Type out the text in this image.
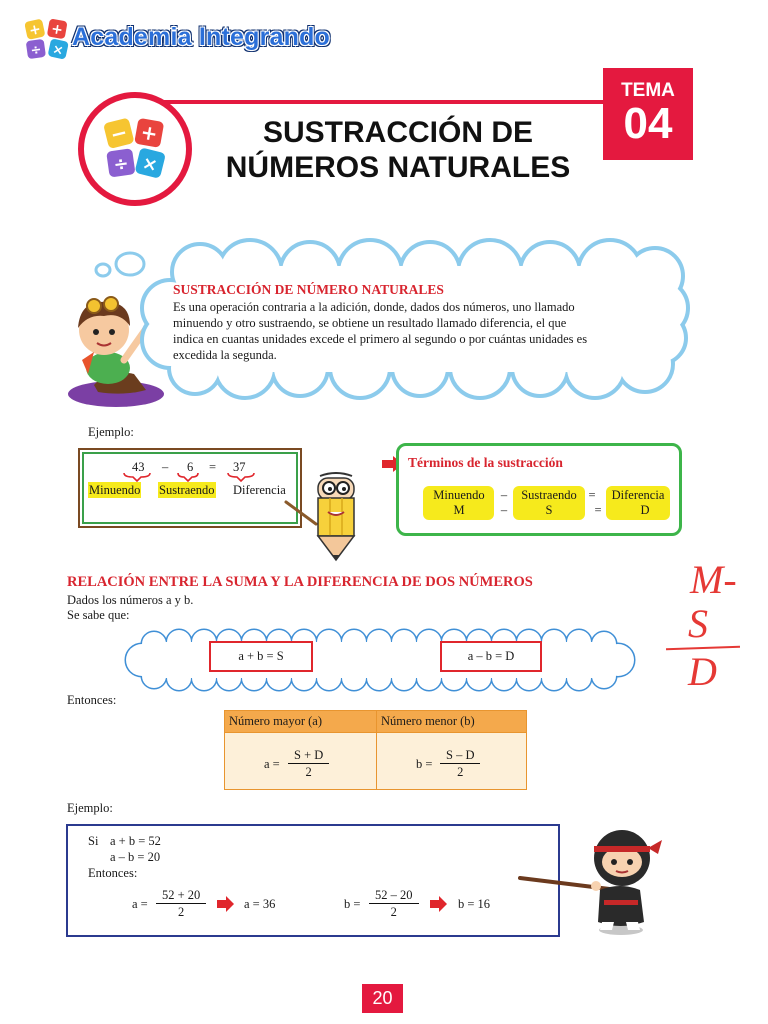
+ +
÷ × Academia Integrando
− +
÷ ×
SUSTRACCIÓN DE
NÚMEROS NATURALES
TEMA
04
SUSTRACCIÓN DE NÚMERO NATURALES
Es una operación contraria a la adición, donde, dados dos números, uno llamado
minuendo y otro sustraendo, se obtiene un resultado llamado diferencia, el que
indica en cuantas unidades excede el primero al segundo o por cuántas unidades es
excedida la segunda.
Ejemplo:
43 – 6 = 37
Minuendo Sustraendo Diferencia
Términos de la sustracción
Minuendo	–	Sustraendo =	Diferencia
M	–	S	=	D
RELACIÓN ENTRE LA SUMA Y LA DIFERENCIA DE DOS NÚMEROS
Dados los números a y b.
Se sabe que:
a + b = S	a – b = D
M-
S
D
Entonces:
Número mayor (a)	Número menor (b)

$a = \frac{S + D}{2}$	$b = \frac{S - D}{2}$
Ejemplo:
Si a + b = 52
a – b = 20
Entonces:
$a = \frac{52 + 20}{2}$	a = 36	$b = \frac{52 - 20}{2}$	b = 16
20
